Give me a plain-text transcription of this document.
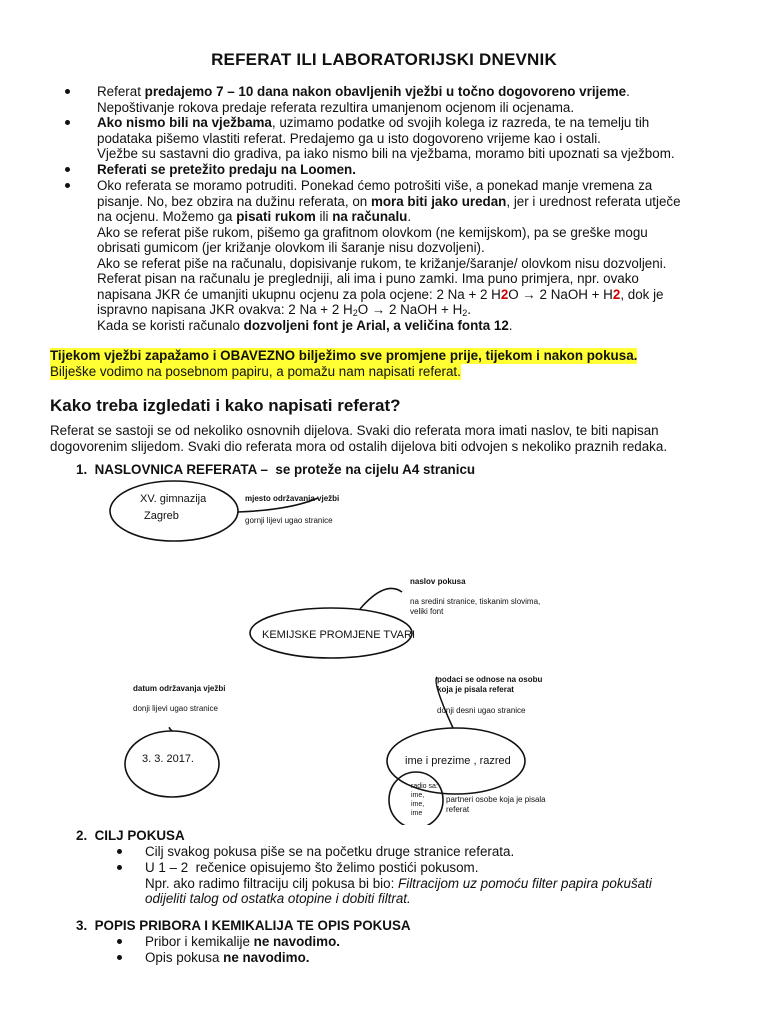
REFERAT ILI LABORATORIJSKI DNEVNIK
Referat predajemo 7 – 10 dana nakon obavljenih vježbi u točno dogovoreno vrijeme.
Nepoštivanje rokova predaje referata rezultira umanjenom ocjenom ili ocjenama.
Ako nismo bili na vježbama, uzimamo podatke od svojih kolega iz razreda, te na temelju tih
podataka pišemo vlastiti referat. Predajemo ga u isto dogovoreno vrijeme kao i ostali.
Vježbe su sastavni dio gradiva, pa iako nismo bili na vježbama, moramo biti upoznati sa vježbom.
Referati se pretežito predaju na Loomen.
Oko referata se moramo potruditi. Ponekad ćemo potrošiti više, a ponekad manje vremena za
pisanje. No, bez obzira na dužinu referata, on mora biti jako uredan, jer i urednost referata utječe
na ocjenu. Možemo ga pisati rukom ili na računalu.
Ako se referat piše rukom, pišemo ga grafitnom olovkom (ne kemijskom), pa se greške mogu
obrisati gumicom (jer križanje olovkom ili šaranje nisu dozvoljeni).
Ako se referat piše na računalu, dopisivanje rukom, te križanje/šaranje/ olovkom nisu dozvoljeni.
Referat pisan na računalu je pregledniji, ali ima i puno zamki. Ima puno primjera, npr. ovako
napisana JKR će umanjiti ukupnu ocjenu za pola ocjene: 2 Na + 2 H2O → 2 NaOH + H2, dok je
ispravno napisana JKR ovakva: 2 Na + 2 $H_2O \to 2$ NaOH + $H_2$.
Kada se koristi računalo dozvoljeni font je Arial, a veličina fonta 12.
Tijekom vježbi zapažamo i OBAVEZNO bilježimo sve promjene prije, tijekom i nakon pokusa.
Bilješke vodimo na posebnom papiru, a pomažu nam napisati referat.
Kako treba izgledati i kako napisati referat?
Referat se sastoji se od nekoliko osnovnih dijelova. Svaki dio referata mora imati naslov, te biti napisan
dogovorenim slijedom. Svaki dio referata mora od ostalih dijelova biti odvojen s nekoliko praznih redaka.
1.  NASLOVNICA REFERATA –  se proteže na cijelu A4 stranicu
XV. gimnazija
Zagreb
mjesto održavanja vježbi
gornji lijevi ugao stranice
naslov pokusa
na sredini stranice, tiskanim slovima,
veliki font
KEMIJSKE PROMJENE TVARI
datum održavanja vježbi
donji lijevi ugao stranice
3. 3. 2017.
podaci se odnose na osobu
koja je pisala referat
donji desni ugao stranice
ime i prezime , razred
radio sa:
ime,
ime,
ime
partneri osobe koja je pisala
referat
2.  CILJ POKUSA
Cilj svakog pokusa piše se na početku druge stranice referata.
U 1 – 2  rečenice opisujemo što želimo postići pokusom.
Npr. ako radimo filtraciju cilj pokusa bi bio: Filtracijom uz pomoću filter papira pokušati
odijeliti talog od ostatka otopine i dobiti filtrat.
3.  POPIS PRIBORA I KEMIKALIJA TE OPIS POKUSA
Pribor i kemikalije ne navodimo.
Opis pokusa ne navodimo.
